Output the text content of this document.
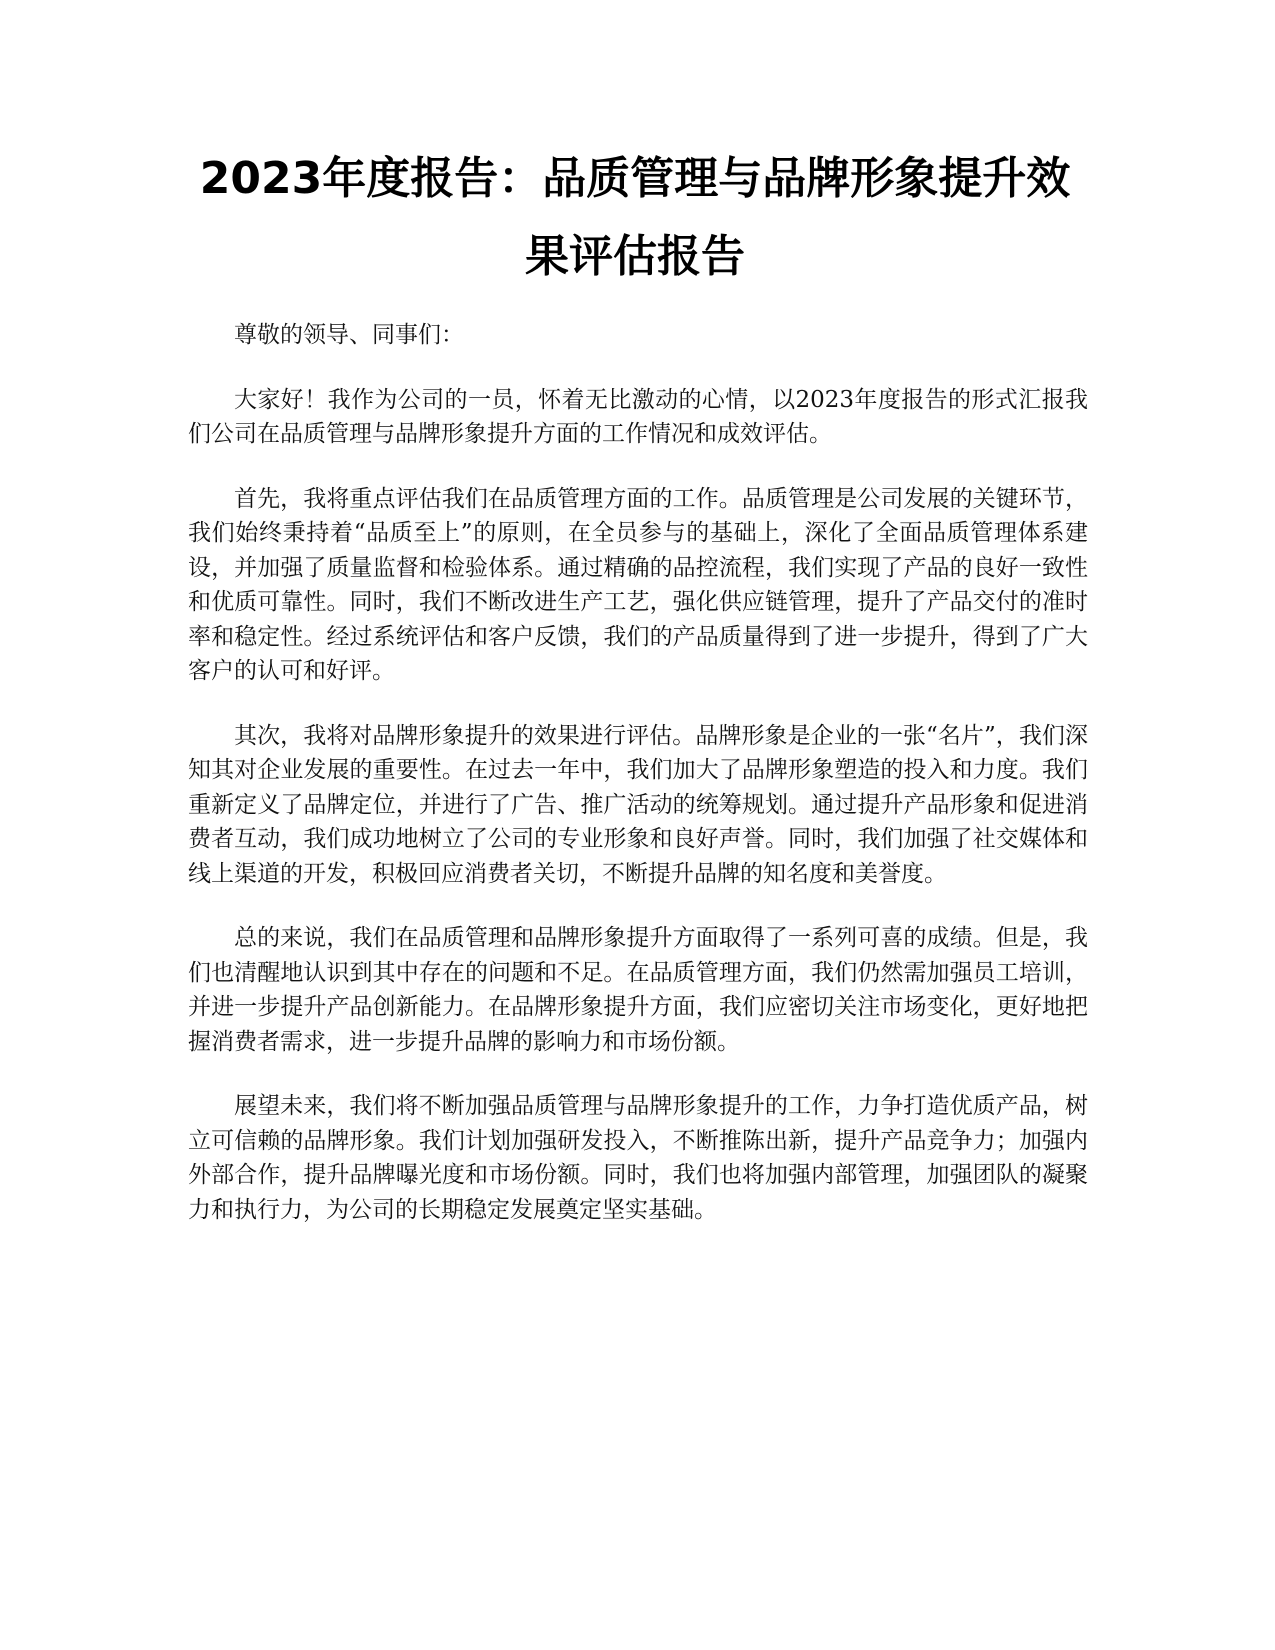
2023年度报告：品质管理与品牌形象提升效果评估报告

尊敬的领导、同事们：

大家好！我作为公司的一员，怀着无比激动的心情，以2023年度报告的形式汇报我们公司在品质管理与品牌形象提升方面的工作情况和成效评估。

首先，我将重点评估我们在品质管理方面的工作。品质管理是公司发展的关键环节，我们始终秉持着“品质至上”的原则，在全员参与的基础上，深化了全面品质管理体系建设，并加强了质量监督和检验体系。通过精确的品控流程，我们实现了产品的良好一致性和优质可靠性。同时，我们不断改进生产工艺，强化供应链管理，提升了产品交付的准时率和稳定性。经过系统评估和客户反馈，我们的产品质量得到了进一步提升，得到了广大客户的认可和好评。

其次，我将对品牌形象提升的效果进行评估。品牌形象是企业的一张“名片”，我们深知其对企业发展的重要性。在过去一年中，我们加大了品牌形象塑造的投入和力度。我们重新定义了品牌定位，并进行了广告、推广活动的统筹规划。通过提升产品形象和促进消费者互动，我们成功地树立了公司的专业形象和良好声誉。同时，我们加强了社交媒体和线上渠道的开发，积极回应消费者关切，不断提升品牌的知名度和美誉度。

总的来说，我们在品质管理和品牌形象提升方面取得了一系列可喜的成绩。但是，我们也清醒地认识到其中存在的问题和不足。在品质管理方面，我们仍然需加强员工培训，并进一步提升产品创新能力。在品牌形象提升方面，我们应密切关注市场变化，更好地把握消费者需求，进一步提升品牌的影响力和市场份额。

展望未来，我们将不断加强品质管理与品牌形象提升的工作，力争打造优质产品，树立可信赖的品牌形象。我们计划加强研发投入，不断推陈出新，提升产品竞争力；加强内外部合作，提升品牌曝光度和市场份额。同时，我们也将加强内部管理，加强团队的凝聚力和执行力，为公司的长期稳定发展奠定坚实基础。
